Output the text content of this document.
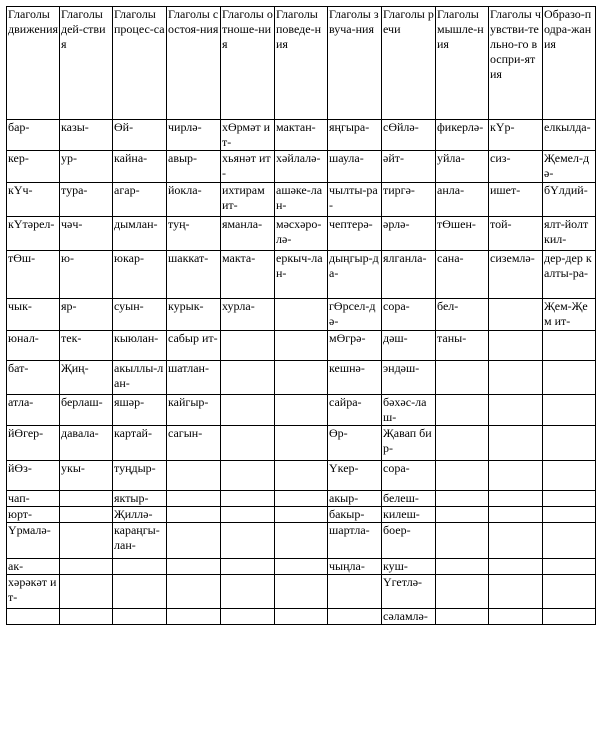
Глаголы движения	Глаголы дей-ствия	Глаголы процес-са	Глаголы состоя-ния	Глаголы отноше-ния	Глаголы поведе-ния	Глаголы звуча-ния	Глаголы речи	Глаголы мышле-ния	Глаголы чувстви-тельно-го воспри-ятия	Образо-подра-жания
бар-	казы-	Өй-	чирлә-	хӨрмәт ит-	мактан-	яңгыра-	сӨйлә-	фикерлә-	кҮр-	елкылда-
кер-	ур-	кайна-	авыр-	хьянәт ит-	хәйлалә-	шаула-	әйт-	уйла-	сиз-	Җемел-дә-
кҮч-	тура-	агар-	йокла-	ихтирам ит-	ашәке-лан-	чылты-ра-	тиргә-	анла-	ишет-	бҮлдий-
кҮтәрел-	чәч-	дымлан-	туң-	яманла-	мәсхәро-лә-	чептерә-	әрлә-	тӨшен-	той-	ялт-йолт кил-
тӨш-	ю-	юкар-	шаккат-	макта-	еркыч-лан-	дыңгыр-да-	ялганла-	сана-	сиземлә-	дер-дер калты-ра-
чык-	яр-	суын-	курык-	хурла-		гӨрсел-дә-	сора-	бел-		Җем-Җем ит-
юнал-	тек-	кыюлан-	сабыр ит-			мӨгрә-	дәш-	таны-		
бат-	Җиң-	акыллы-лан-	шатлан-			кешнә-	эндәш-			
атла-	берлаш-	яшәр-	кайгыр-			сайра-	бәхәс-лаш-			
йӨгер-	давала-	картай-	сагын-			Өр-	Җавап бир-			
йӨз-	укы-	туңдыр-				Үкер-	сора-			
чап-		яктыр-				акыр-	белеш-			
юрт-		Җиллә-				бакыр-	килеш-			
Үрмалә-		караңгы-лан-				шартла-	боер-			
ак-						чыңла-	куш-			
хәрәкәт ит-							Үгетлә-			
							сәламлә-			
